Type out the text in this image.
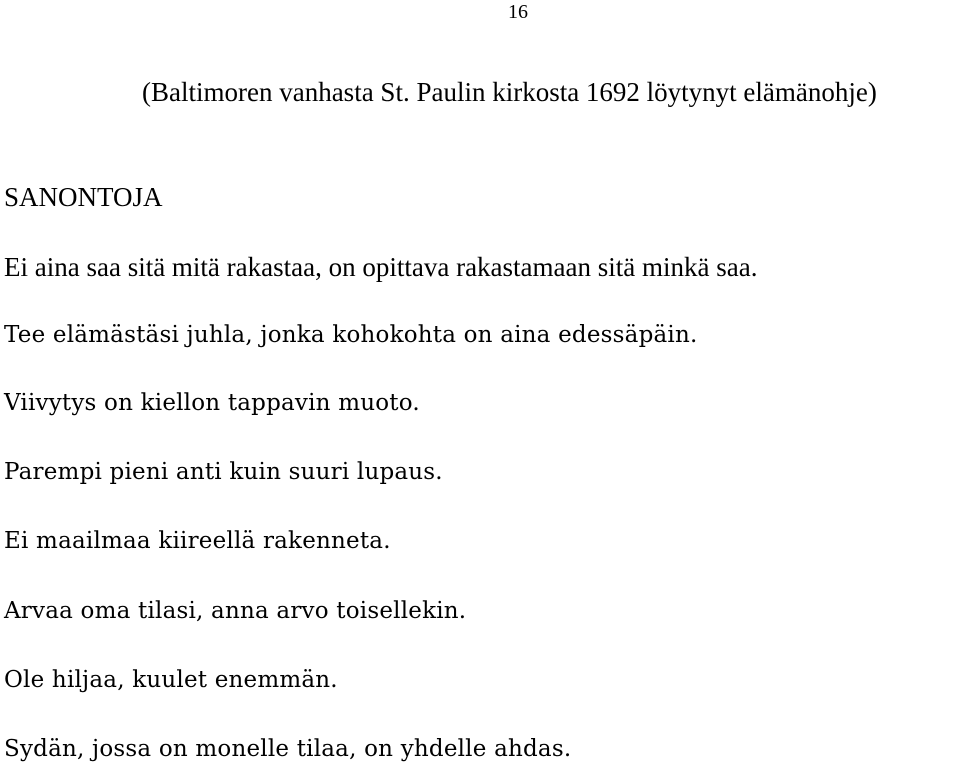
16
(Baltimoren vanhasta St. Paulin kirkosta 1692 löytynyt elämänohje)
SANONTOJA
Ei aina saa sitä mitä rakastaa, on opittava rakastamaan sitä minkä saa.
Tee elämästäsi juhla, jonka kohokohta on aina edessäpäin.
Viivytys on kiellon tappavin muoto.
Parempi pieni anti kuin suuri lupaus.
Ei maailmaa kiireellä rakenneta.
Arvaa oma tilasi, anna arvo toisellekin.
Ole hiljaa, kuulet enemmän.
Sydän, jossa on monelle tilaa, on yhdelle ahdas.
